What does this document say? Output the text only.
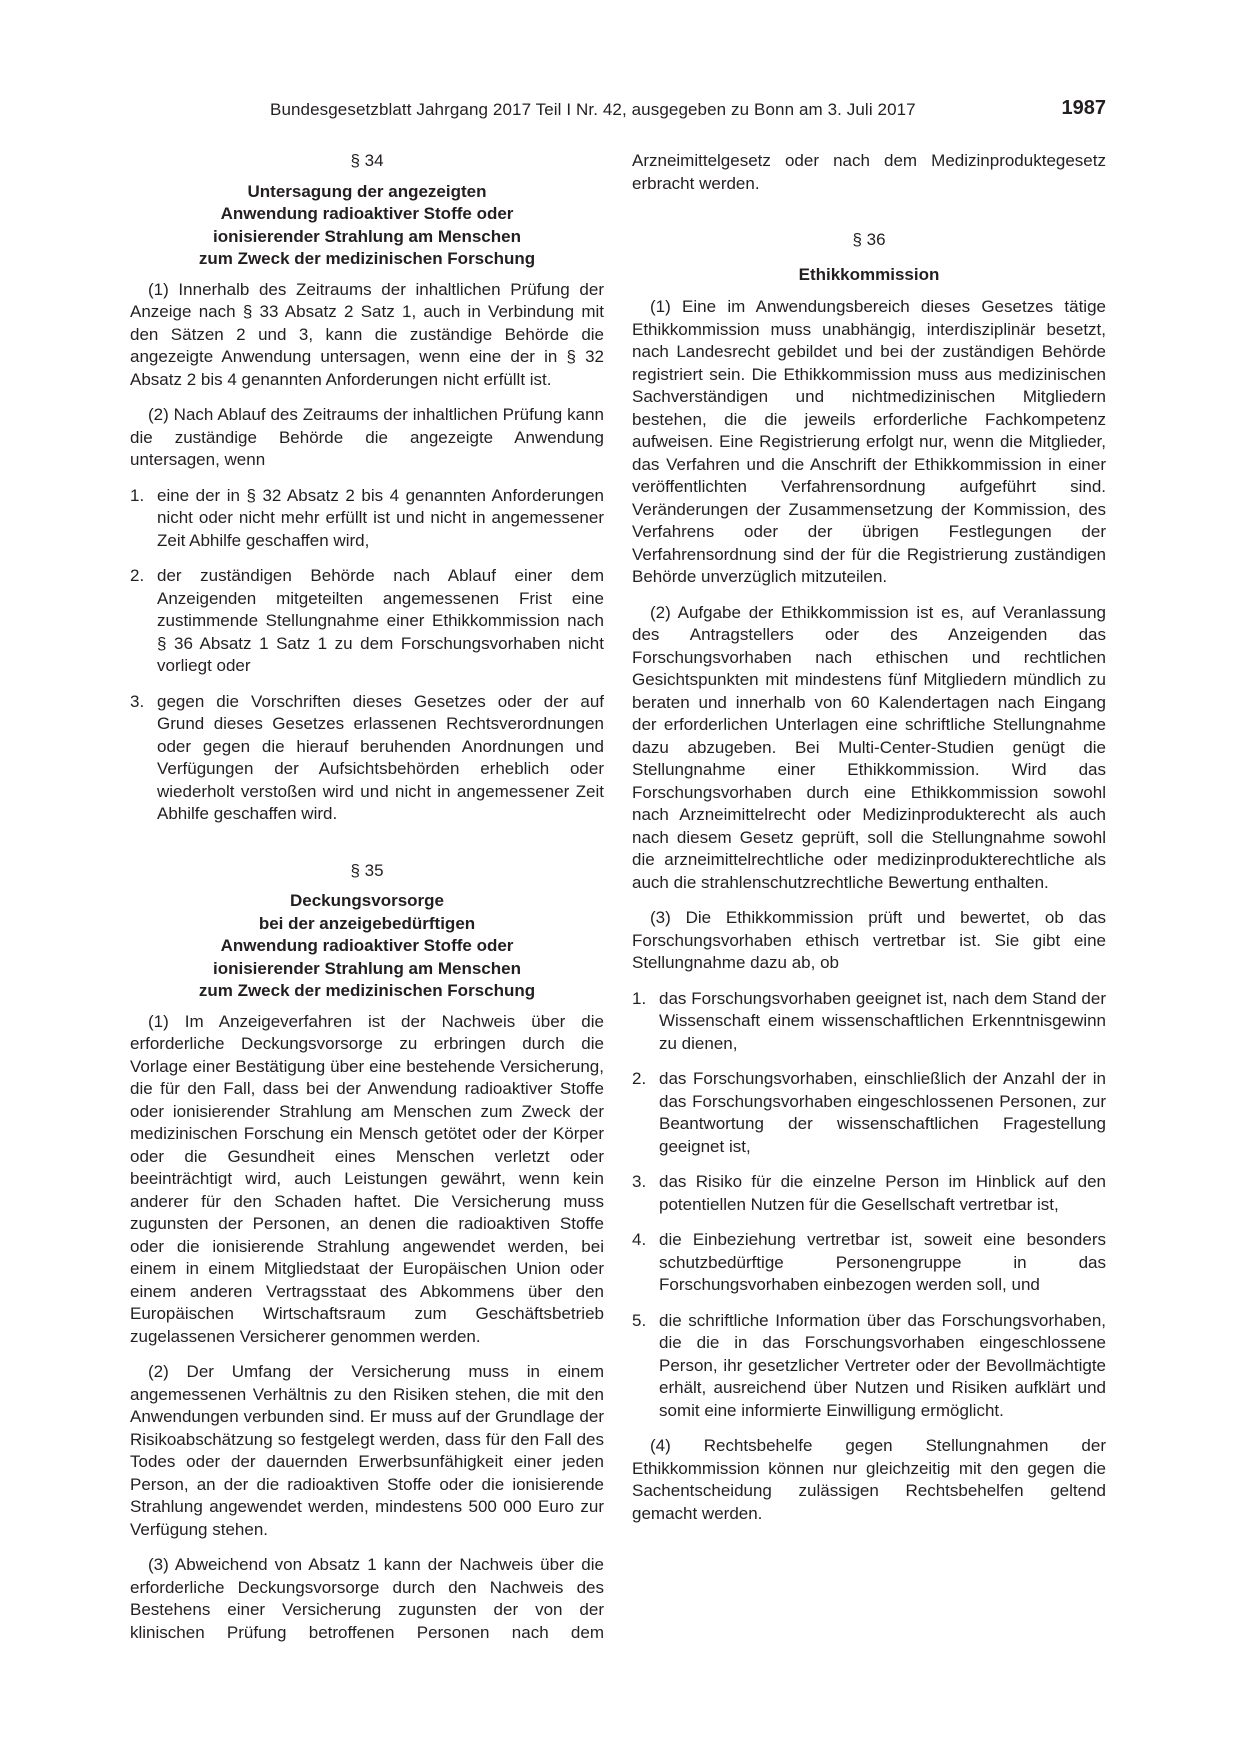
Bundesgesetzblatt Jahrgang 2017 Teil I Nr. 42, ausgegeben zu Bonn am 3. Juli 2017	1987
§ 34
Untersagung der angezeigten
Anwendung radioaktiver Stoffe oder
ionisierender Strahlung am Menschen
zum Zweck der medizinischen Forschung

(1) Innerhalb des Zeitraums der inhaltlichen Prüfung der Anzeige nach § 33 Absatz 2 Satz 1, auch in Verbindung mit den Sätzen 2 und 3, kann die zuständige Behörde die angezeigte Anwendung untersagen, wenn eine der in § 32 Absatz 2 bis 4 genannten Anforderungen nicht erfüllt ist.

(2) Nach Ablauf des Zeitraums der inhaltlichen Prüfung kann die zuständige Behörde die angezeigte Anwendung untersagen, wenn

1. eine der in § 32 Absatz 2 bis 4 genannten Anforderungen nicht oder nicht mehr erfüllt ist und nicht in angemessener Zeit Abhilfe geschaffen wird,
2. der zuständigen Behörde nach Ablauf einer dem Anzeigenden mitgeteilten angemessenen Frist eine zustimmende Stellungnahme einer Ethikkommission nach § 36 Absatz 1 Satz 1 zu dem Forschungsvorhaben nicht vorliegt oder
3. gegen die Vorschriften dieses Gesetzes oder der auf Grund dieses Gesetzes erlassenen Rechtsverordnungen oder gegen die hierauf beruhenden Anordnungen und Verfügungen der Aufsichtsbehörden erheblich oder wiederholt verstoßen wird und nicht in angemessener Zeit Abhilfe geschaffen wird.
§ 35
Deckungsvorsorge
bei der anzeigebedürftigen
Anwendung radioaktiver Stoffe oder
ionisierender Strahlung am Menschen
zum Zweck der medizinischen Forschung

(1) Im Anzeigeverfahren ist der Nachweis über die erforderliche Deckungsvorsorge zu erbringen durch die Vorlage einer Bestätigung über eine bestehende Versicherung, die für den Fall, dass bei der Anwendung radioaktiver Stoffe oder ionisierender Strahlung am Menschen zum Zweck der medizinischen Forschung ein Mensch getötet oder der Körper oder die Gesundheit eines Menschen verletzt oder beeinträchtigt wird, auch Leistungen gewährt, wenn kein anderer für den Schaden haftet. Die Versicherung muss zugunsten der Personen, an denen die radioaktiven Stoffe oder die ionisierende Strahlung angewendet werden, bei einem in einem Mitgliedstaat der Europäischen Union oder einem anderen Vertragsstaat des Abkommens über den Europäischen Wirtschaftsraum zum Geschäftsbetrieb zugelassenen Versicherer genommen werden.

(2) Der Umfang der Versicherung muss in einem angemessenen Verhältnis zu den Risiken stehen, die mit den Anwendungen verbunden sind. Er muss auf der Grundlage der Risikoabschätzung so festgelegt werden, dass für den Fall des Todes oder der dauernden Erwerbsunfähigkeit einer jeden Person, an der die radioaktiven Stoffe oder die ionisierende Strahlung angewendet werden, mindestens 500 000 Euro zur Verfügung stehen.

(3) Abweichend von Absatz 1 kann der Nachweis über die erforderliche Deckungsvorsorge durch den Nachweis des Bestehens einer Versicherung zugunsten der von der klinischen Prüfung betroffenen Personen nach dem

Arzneimittelgesetz oder nach dem Medizinproduktegesetz erbracht werden.

§ 36
Ethikkommission

(1) Eine im Anwendungsbereich dieses Gesetzes tätige Ethikkommission muss unabhängig, interdisziplinär besetzt, nach Landesrecht gebildet und bei der zuständigen Behörde registriert sein. Die Ethikkommission muss aus medizinischen Sachverständigen und nichtmedizinischen Mitgliedern bestehen, die die jeweils erforderliche Fachkompetenz aufweisen. Eine Registrierung erfolgt nur, wenn die Mitglieder, das Verfahren und die Anschrift der Ethikkommission in einer veröffentlichten Verfahrensordnung aufgeführt sind. Veränderungen der Zusammensetzung der Kommission, des Verfahrens oder der übrigen Festlegungen der Verfahrensordnung sind der für die Registrierung zuständigen Behörde unverzüglich mitzuteilen.

(2) Aufgabe der Ethikkommission ist es, auf Veranlassung des Antragstellers oder des Anzeigenden das Forschungsvorhaben nach ethischen und rechtlichen Gesichtspunkten mit mindestens fünf Mitgliedern mündlich zu beraten und innerhalb von 60 Kalendertagen nach Eingang der erforderlichen Unterlagen eine schriftliche Stellungnahme dazu abzugeben. Bei Multi-Center-Studien genügt die Stellungnahme einer Ethikkommission. Wird das Forschungsvorhaben durch eine Ethikkommission sowohl nach Arzneimittelrecht oder Medizinprodukterecht als auch nach diesem Gesetz geprüft, soll die Stellungnahme sowohl die arzneimittelrechtliche oder medizinprodukterechtliche als auch die strahlenschutzrechtliche Bewertung enthalten.

(3) Die Ethikkommission prüft und bewertet, ob das Forschungsvorhaben ethisch vertretbar ist. Sie gibt eine Stellungnahme dazu ab, ob

1. das Forschungsvorhaben geeignet ist, nach dem Stand der Wissenschaft einem wissenschaftlichen Erkenntnisgewinn zu dienen,
2. das Forschungsvorhaben, einschließlich der Anzahl der in das Forschungsvorhaben eingeschlossenen Personen, zur Beantwortung der wissenschaftlichen Fragestellung geeignet ist,
3. das Risiko für die einzelne Person im Hinblick auf den potentiellen Nutzen für die Gesellschaft vertretbar ist,
4. die Einbeziehung vertretbar ist, soweit eine besonders schutzbedürftige Personengruppe in das Forschungsvorhaben einbezogen werden soll, und
5. die schriftliche Information über das Forschungsvorhaben, die die in das Forschungsvorhaben eingeschlossene Person, ihr gesetzlicher Vertreter oder der Bevollmächtigte erhält, ausreichend über Nutzen und Risiken aufklärt und somit eine informierte Einwilligung ermöglicht.

(4) Rechtsbehelfe gegen Stellungnahmen der Ethikkommission können nur gleichzeitig mit den gegen die Sachentscheidung zulässigen Rechtsbehelfen geltend gemacht werden.
